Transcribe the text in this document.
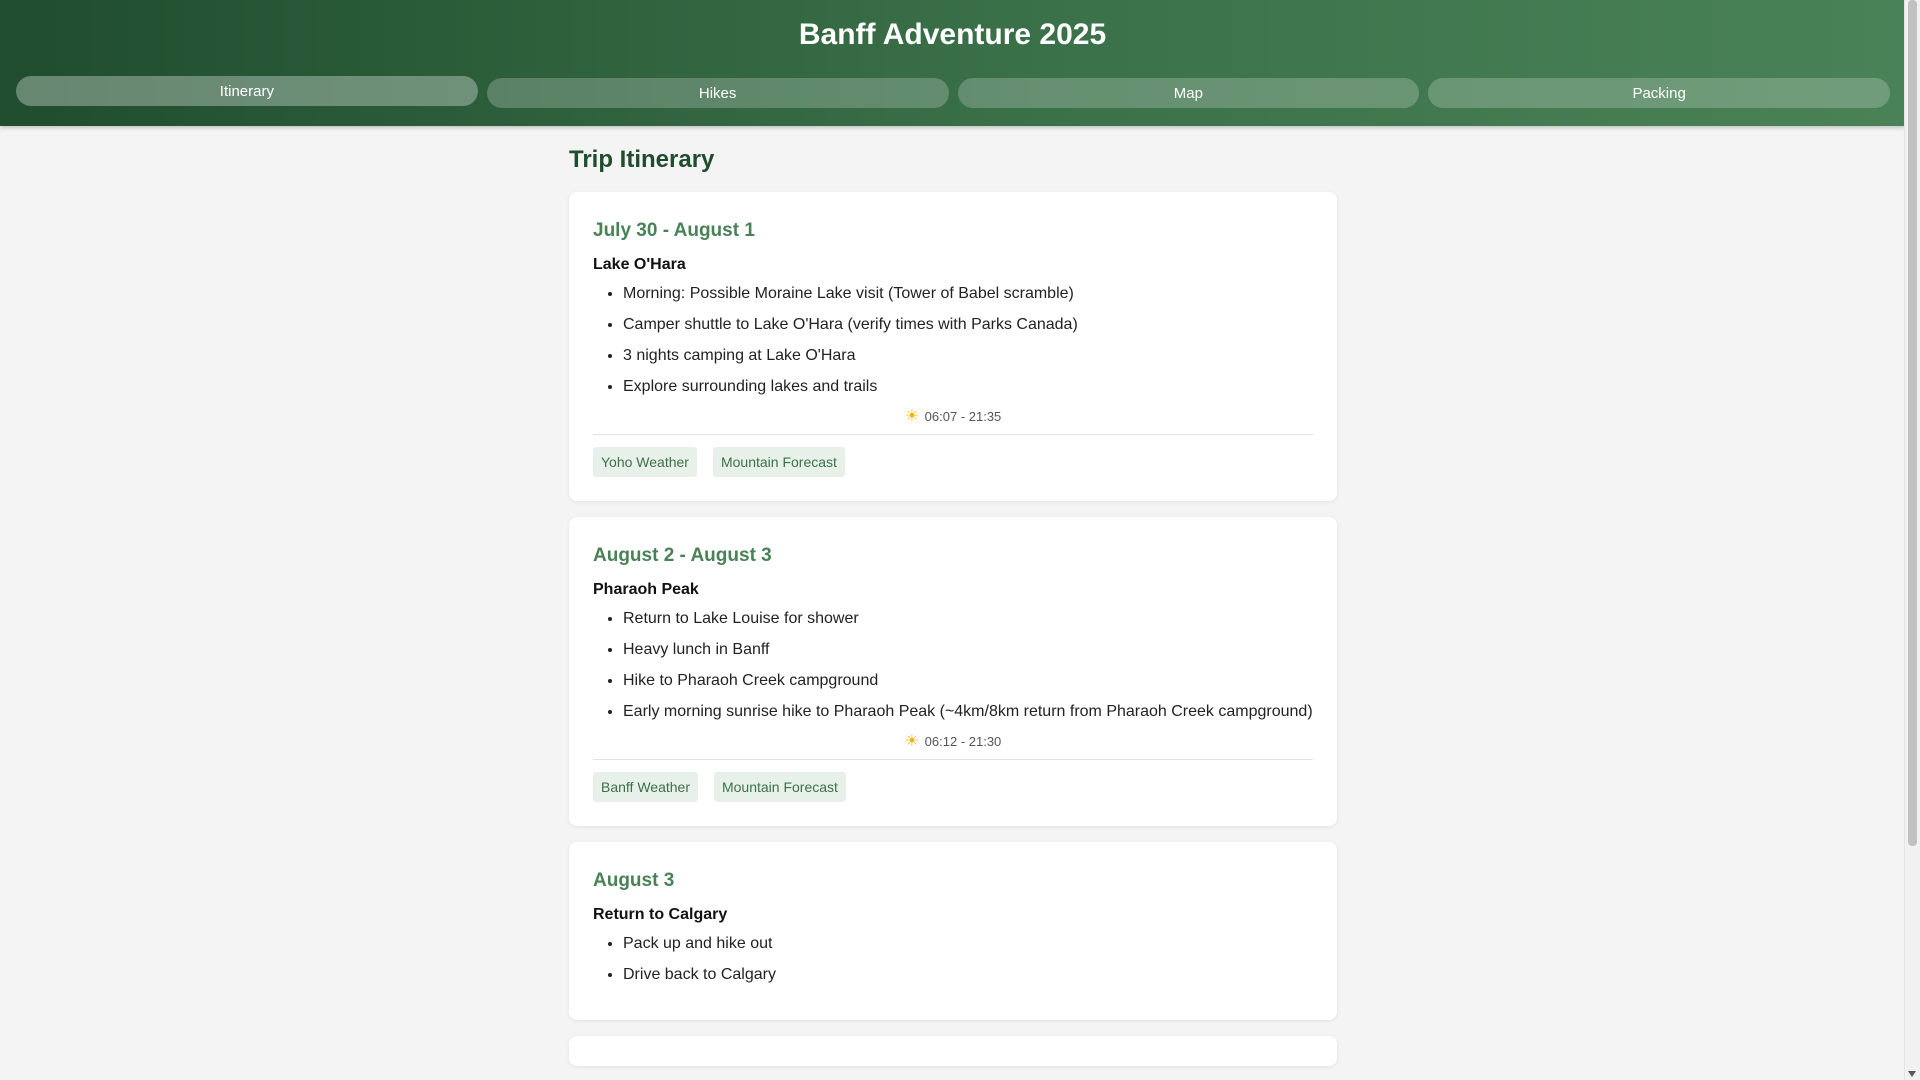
Banff Adventure 2025
Itinerary	Hikes	Map	Packing
Trip Itinerary
July 30 - August 1
Lake O'Hara
• Morning: Possible Moraine Lake visit (Tower of Babel scramble)
• Camper shuttle to Lake O'Hara (verify times with Parks Canada)
• 3 nights camping at Lake O'Hara
• Explore surrounding lakes and trails
☀ 06:07 - 21:35
Yoho Weather	Mountain Forecast
August 2 - August 3
Pharaoh Peak
• Return to Lake Louise for shower
• Heavy lunch in Banff
• Hike to Pharaoh Creek campground
• Early morning sunrise hike to Pharaoh Peak (~4km/8km return from Pharaoh Creek campground)
☀ 06:12 - 21:30
Banff Weather	Mountain Forecast
August 3
Return to Calgary
• Pack up and hike out
• Drive back to Calgary
